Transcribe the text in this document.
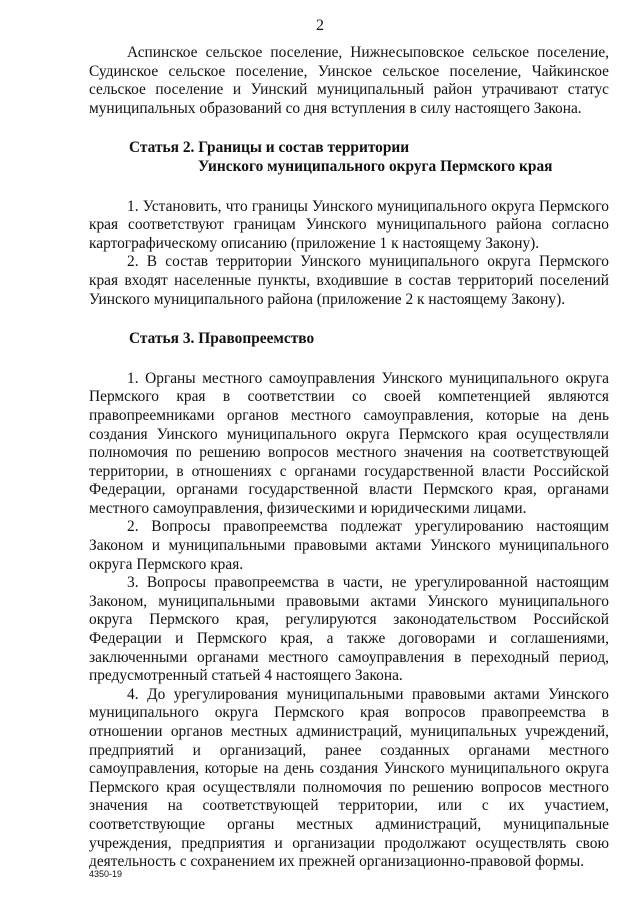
2

Аспинское сельское поселение, Нижнесыповское сельское поселение, Судинское сельское поселение, Уинское сельское поселение, Чайкинское сельское поселение и Уинский муниципальный район утрачивают статус муниципальных образований со дня вступления в силу настоящего Закона.

Статья 2. Границы и состав территории
Уинского муниципального округа Пермского края

1. Установить, что границы Уинского муниципального округа Пермского края соответствуют границам Уинского муниципального района согласно картографическому описанию (приложение 1 к настоящему Закону).

2. В состав территории Уинского муниципального округа Пермского края входят населенные пункты, входившие в состав территорий поселений Уинского муниципального района (приложение 2 к настоящему Закону).

Статья 3. Правопреемство

1. Органы местного самоуправления Уинского муниципального округа Пермского края в соответствии со своей компетенцией являются правопреемниками органов местного самоуправления, которые на день создания Уинского муниципального округа Пермского края осуществляли полномочия по решению вопросов местного значения на соответствующей территории, в отношениях с органами государственной власти Российской Федерации, органами государственной власти Пермского края, органами местного самоуправления, физическими и юридическими лицами.

2. Вопросы правопреемства подлежат урегулированию настоящим Законом и муниципальными правовыми актами Уинского муниципального округа Пермского края.

3. Вопросы правопреемства в части, не урегулированной настоящим Законом, муниципальными правовыми актами Уинского муниципального округа Пермского края, регулируются законодательством Российской Федерации и Пермского края, а также договорами и соглашениями, заключенными органами местного самоуправления в переходный период, предусмотренный статьей 4 настоящего Закона.

4. До урегулирования муниципальными правовыми актами Уинского муниципального округа Пермского края вопросов правопреемства в отношении органов местных администраций, муниципальных учреждений, предприятий и организаций, ранее созданных органами местного самоуправления, которые на день создания Уинского муниципального округа Пермского края осуществляли полномочия по решению вопросов местного значения на соответствующей территории, или с их участием, соответствующие органы местных администраций, муниципальные учреждения, предприятия и организации продолжают осуществлять свою деятельность с сохранением их прежней организационно-правовой формы.

4350-19
